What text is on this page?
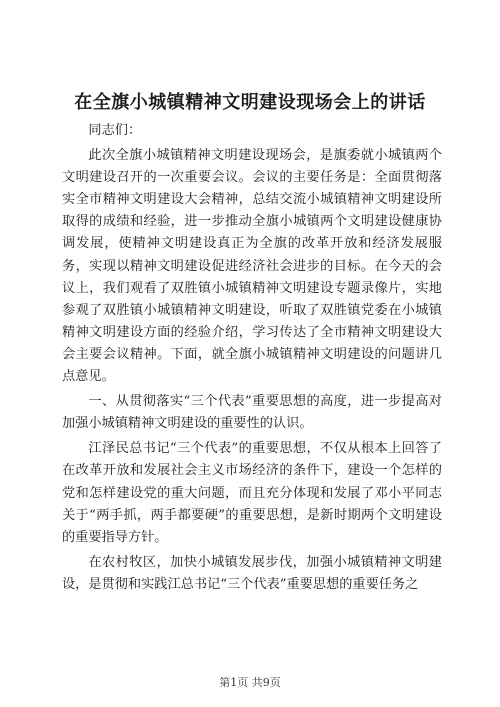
在全旗小城镇精神文明建设现场会上的讲话

同志们：

此次全旗小城镇精神文明建设现场会，是旗委就小城镇两个文明建设召开的一次重要会议。会议的主要任务是：全面贯彻落实全市精神文明建设大会精神，总结交流小城镇精神文明建设所取得的成绩和经验，进一步推动全旗小城镇两个文明建设健康协调发展，使精神文明建设真正为全旗的改革开放和经济发展服务，实现以精神文明建设促进经济社会进步的目标。在今天的会议上，我们观看了双胜镇小城镇精神文明建设专题录像片，实地参观了双胜镇小城镇精神文明建设，听取了双胜镇党委在小城镇精神文明建设方面的经验介绍，学习传达了全市精神文明建设大会主要会议精神。下面，就全旗小城镇精神文明建设的问题讲几点意见。

一、从贯彻落实“三个代表”重要思想的高度，进一步提高对加强小城镇精神文明建设的重要性的认识。

江泽民总书记“三个代表”的重要思想，不仅从根本上回答了在改革开放和发展社会主义市场经济的条件下，建设一个怎样的党和怎样建设党的重大问题，而且充分体现和发展了邓小平同志关于“两手抓，两手都要硬”的重要思想，是新时期两个文明建设的重要指导方针。

在农村牧区，加快小城镇发展步伐，加强小城镇精神文明建设，是贯彻和实践江总书记“三个代表”重要思想的重要任务之

第1页 共9页
